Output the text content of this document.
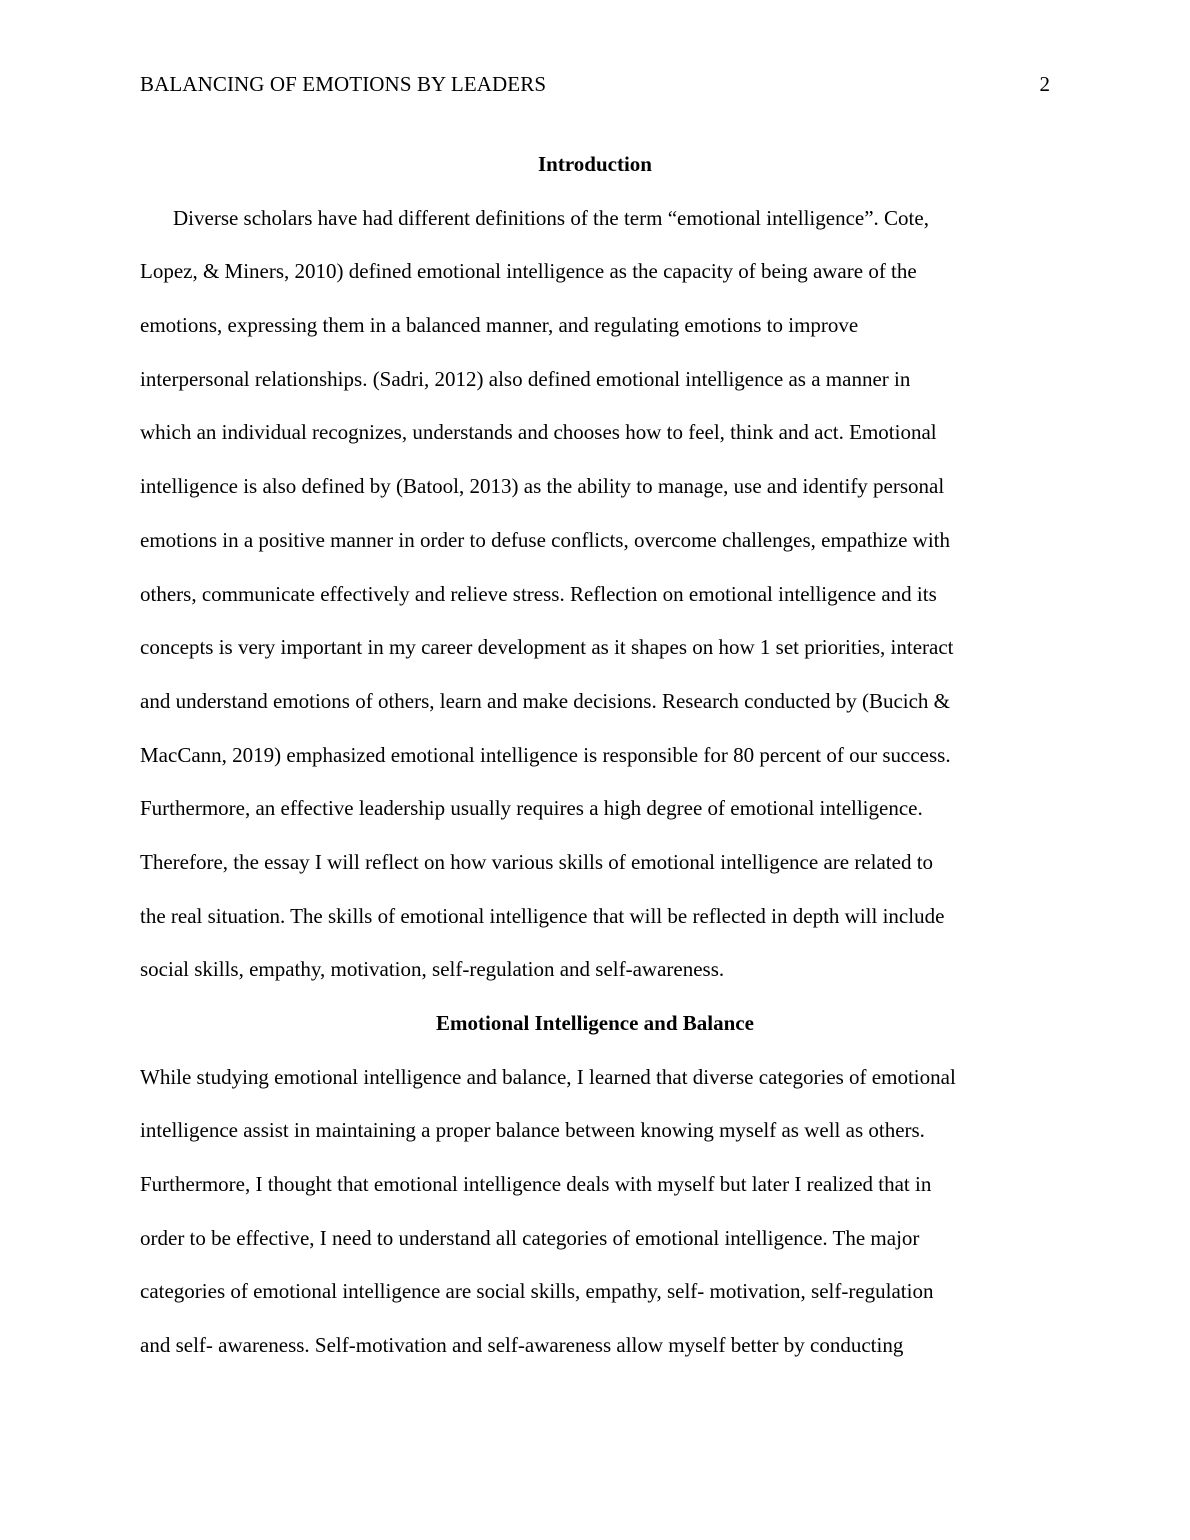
BALANCING OF EMOTIONS BY LEADERS	2
Introduction
Diverse scholars have had different definitions of the term “emotional intelligence”. Cote,
Lopez, & Miners, 2010) defined emotional intelligence as the capacity of being aware of the
emotions, expressing them in a balanced manner, and regulating emotions to improve
interpersonal relationships. (Sadri, 2012) also defined emotional intelligence as a manner in
which an individual recognizes, understands and chooses how to feel, think and act. Emotional
intelligence is also defined by (Batool, 2013) as the ability to manage, use and identify personal
emotions in a positive manner in order to defuse conflicts, overcome challenges, empathize with
others, communicate effectively and relieve stress. Reflection on emotional intelligence and its
concepts is very important in my career development as it shapes on how 1 set priorities, interact
and understand emotions of others, learn and make decisions. Research conducted by (Bucich &
MacCann, 2019) emphasized emotional intelligence is responsible for 80 percent of our success.
Furthermore, an effective leadership usually requires a high degree of emotional intelligence.
Therefore, the essay I will reflect on how various skills of emotional intelligence are related to
the real situation. The skills of emotional intelligence that will be reflected in depth will include
social skills, empathy, motivation, self-regulation and self-awareness.
Emotional Intelligence and Balance
While studying emotional intelligence and balance, I learned that diverse categories of emotional
intelligence assist in maintaining a proper balance between knowing myself as well as others.
Furthermore, I thought that emotional intelligence deals with myself but later I realized that in
order to be effective, I need to understand all categories of emotional intelligence. The major
categories of emotional intelligence are social skills, empathy, self- motivation, self-regulation
and self- awareness. Self-motivation and self-awareness allow myself better by conducting
